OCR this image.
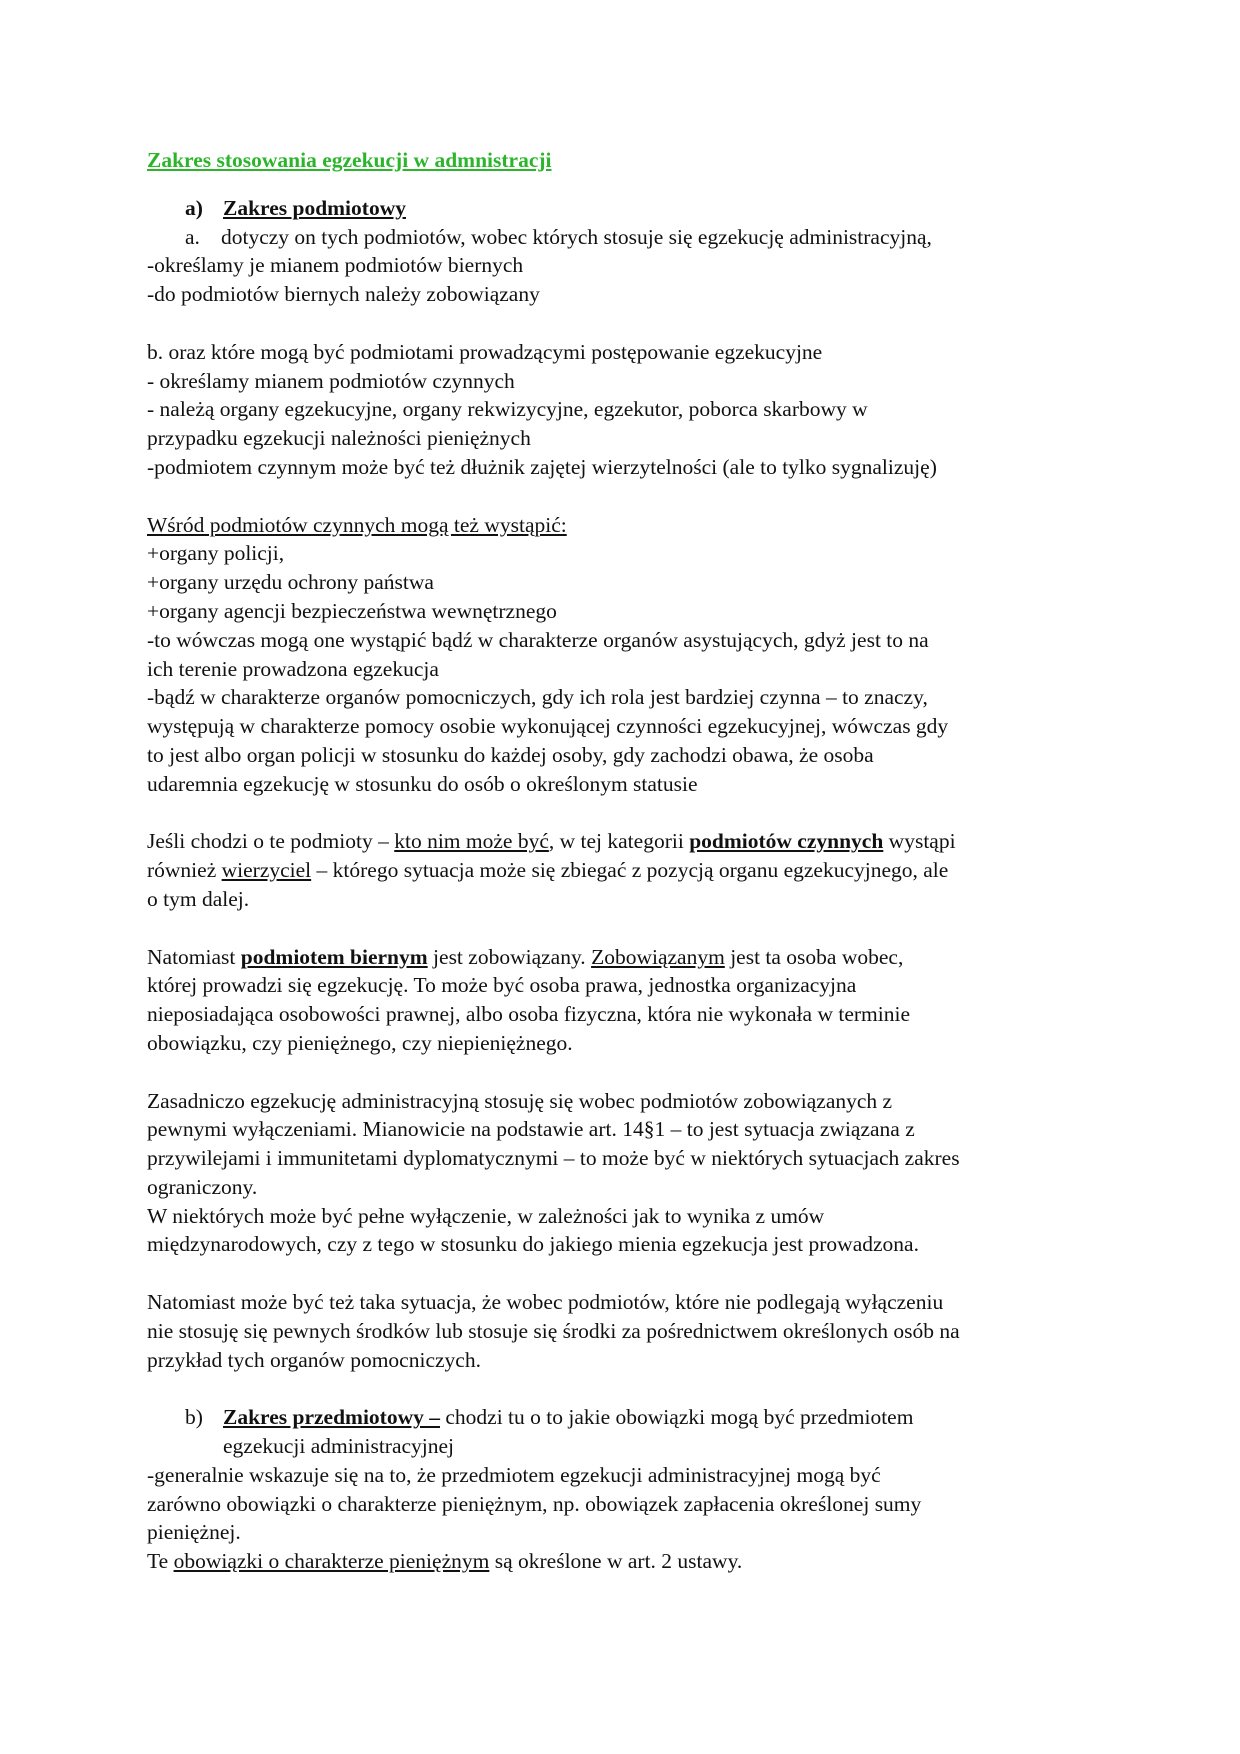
Zakres stosowania egzekucji w admnistracji

a) Zakres podmiotowy

a. dotyczy on tych podmiotów, wobec których stosuje się egzekucję administracyjną,

-określamy je mianem podmiotów biernych

-do podmiotów biernych należy zobowiązany

b. oraz które mogą być podmiotami prowadzącymi postępowanie egzekucyjne

- określamy mianem podmiotów czynnych

- należą organy egzekucyjne, organy rekwizycyjne, egzekutor, poborca skarbowy w

przypadku egzekucji należności pieniężnych

-podmiotem czynnym może być też dłużnik zajętej wierzytelności (ale to tylko sygnalizuję)

Wśród podmiotów czynnych mogą też wystąpić:

+organy policji,

+organy urzędu ochrony państwa

+organy agencji bezpieczeństwa wewnętrznego

-to wówczas mogą one wystąpić bądź w charakterze organów asystujących, gdyż jest to na

ich terenie prowadzona egzekucja

-bądź w charakterze organów pomocniczych, gdy ich rola jest bardziej czynna – to znaczy,

występują w charakterze pomocy osobie wykonującej czynności egzekucyjnej, wówczas gdy

to jest albo organ policji w stosunku do każdej osoby, gdy zachodzi obawa, że osoba

udaremnia egzekucję w stosunku do osób o określonym statusie

Jeśli chodzi o te podmioty – kto nim może być, w tej kategorii podmiotów czynnych wystąpi

również wierzyciel – którego sytuacja może się zbiegać z pozycją organu egzekucyjnego, ale

o tym dalej.

Natomiast podmiotem biernym jest zobowiązany. Zobowiązanym jest ta osoba wobec,

której prowadzi się egzekucję. To może być osoba prawa, jednostka organizacyjna

nieposiadająca osobowości prawnej, albo osoba fizyczna, która nie wykonała w terminie

obowiązku, czy pieniężnego, czy niepieniężnego.

Zasadniczo egzekucję administracyjną stosuję się wobec podmiotów zobowiązanych z

pewnymi wyłączeniami. Mianowicie na podstawie art. 14§1 – to jest sytuacja związana z

przywilejami i immunitetami dyplomatycznymi – to może być w niektórych sytuacjach zakres

ograniczony.

W niektórych może być pełne wyłączenie, w zależności jak to wynika z umów

międzynarodowych, czy z tego w stosunku do jakiego mienia egzekucja jest prowadzona.

Natomiast może być też taka sytuacja, że wobec podmiotów, które nie podlegają wyłączeniu

nie stosuję się pewnych środków lub stosuje się środki za pośrednictwem określonych osób na

przykład tych organów pomocniczych.

b) Zakres przedmiotowy – chodzi tu o to jakie obowiązki mogą być przedmiotem
egzekucji administracyjnej

-generalnie wskazuje się na to, że przedmiotem egzekucji administracyjnej mogą być

zarówno obowiązki o charakterze pieniężnym, np. obowiązek zapłacenia określonej sumy

pieniężnej.

Te obowiązki o charakterze pieniężnym są określone w art. 2 ustawy.
